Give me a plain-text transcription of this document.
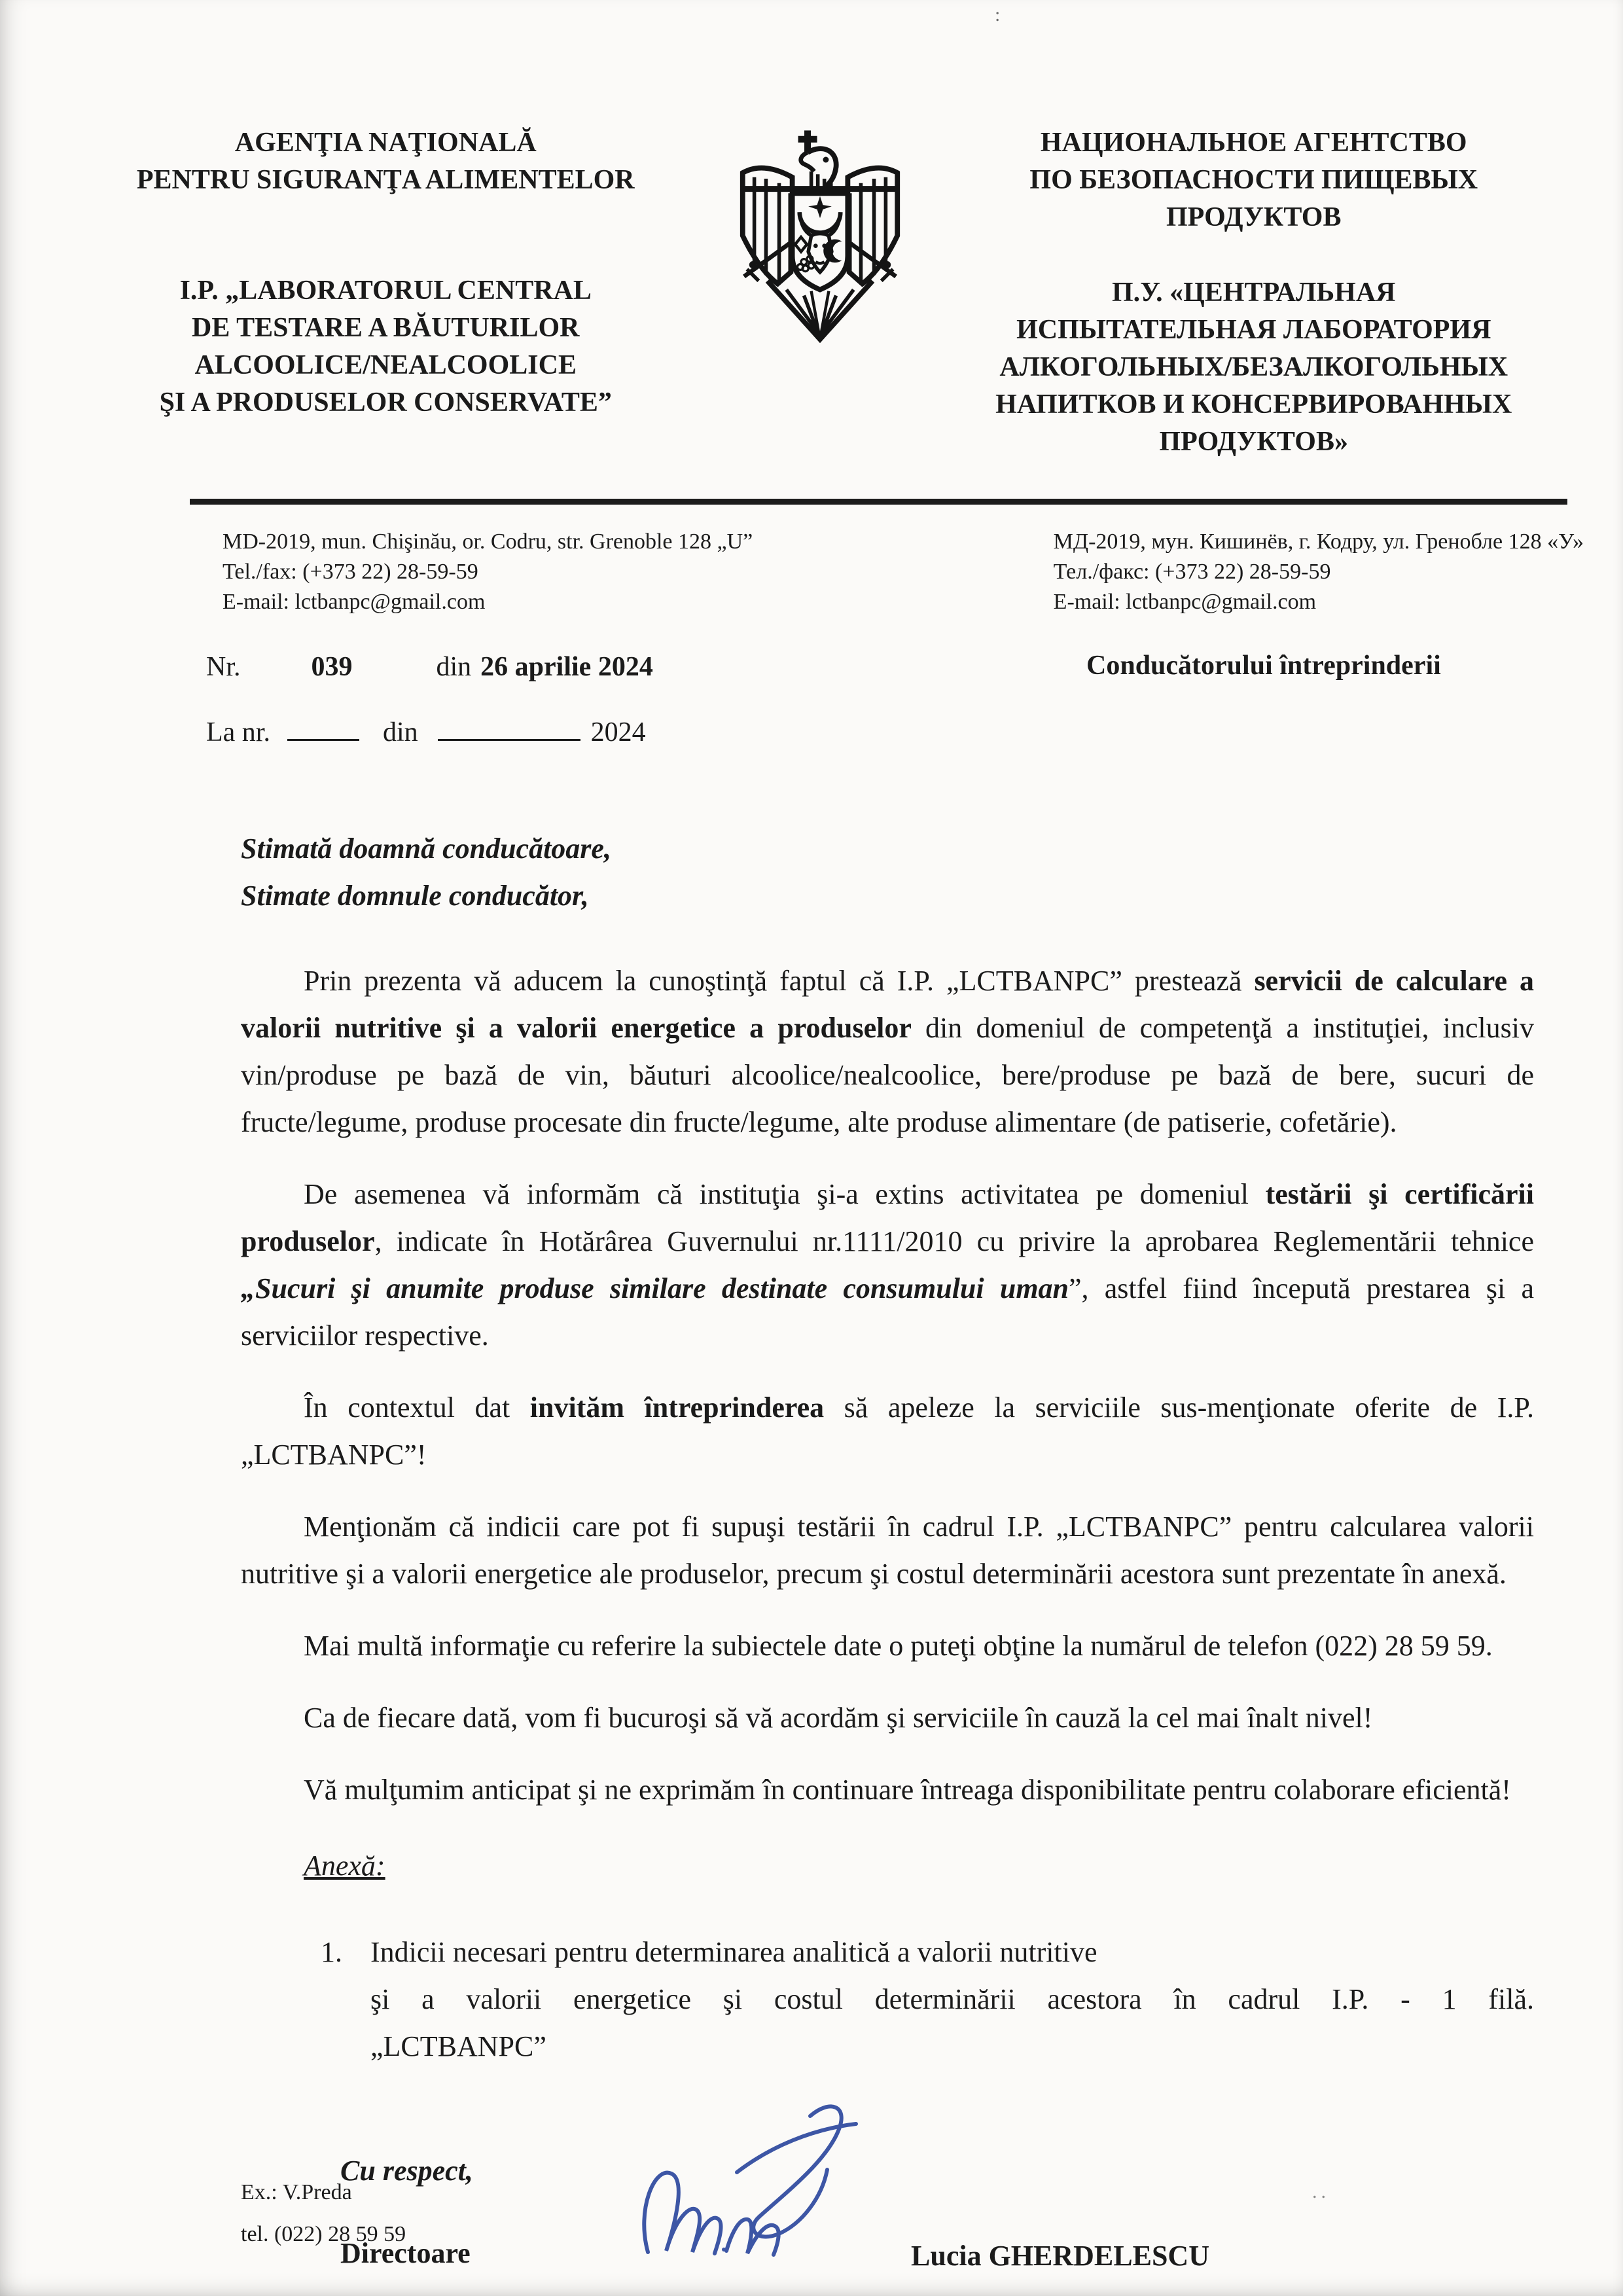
:
AGENŢIA NAŢIONALĂ
PENTRU SIGURANŢA ALIMENTELOR
I.P. „LABORATORUL CENTRAL
DE TESTARE A BĂUTURILOR
ALCOOLICE/NEALCOOLICE
ŞI A PRODUSELOR CONSERVATE”
НАЦИОНАЛЬНОЕ АГЕНТСТВО
ПО БЕЗОПАСНОСТИ ПИЩЕВЫХ
ПРОДУКТОВ
П.У. «ЦЕНТРАЛЬНАЯ
ИСПЫТАТЕЛЬНАЯ ЛАБОРАТОРИЯ
АЛКОГОЛЬНЫХ/БЕЗАЛКОГОЛЬНЫХ
НАПИТКОВ И КОНСЕРВИРОВАННЫХ
ПРОДУКТОВ»
MD-2019, mun. Chişinău, or. Codru, str. Grenoble 128 „U”
Tel./fax: (+373 22) 28-59-59
E-mail: lctbanpc@gmail.com
МД-2019, мун. Кишинёв, г. Кодру, ул. Гренобле 128 «У»
Тел./факс: (+373 22) 28-59-59
E-mail: lctbanpc@gmail.com
Nr.	039	din 26 aprilie 2024	Conducătorului întreprinderii
La nr.	din	2024
Stimată doamnă conducătoare,
Stimate domnule conducător,

Prin prezenta vă aducem la cunoştinţă faptul că I.P. „LCTBANPC” prestează servicii de calculare a valorii nutritive şi a valorii energetice a produselor din domeniul de competenţă a instituţiei, inclusiv vin/produse pe bază de vin, băuturi alcoolice/nealcoolice, bere/produse pe bază de bere, sucuri de fructe/legume, produse procesate din fructe/legume, alte produse alimentare (de patiserie, cofetărie).

De asemenea vă informăm că instituţia şi-a extins activitatea pe domeniul testării şi certificării produselor, indicate în Hotărârea Guvernului nr.1111/2010 cu privire la aprobarea Reglementării tehnice „Sucuri şi anumite produse similare destinate consumului uman”, astfel fiind începută prestarea şi a serviciilor respective.

În contextul dat invităm întreprinderea să apeleze la serviciile sus-menţionate oferite de I.P. „LCTBANPC”!

Menţionăm că indicii care pot fi supuşi testării în cadrul I.P. „LCTBANPC” pentru calcularea valorii nutritive şi a valorii energetice ale produselor, precum şi costul determinării acestora sunt prezentate în anexă.

Mai multă informaţie cu referire la subiectele date o puteţi obţine la numărul de telefon (022) 28 59 59.

Ca de fiecare dată, vom fi bucuroşi să vă acordăm şi serviciile în cauză la cel mai înalt nivel!

Vă mulţumim anticipat şi ne exprimăm în continuare întreaga disponibilitate pentru colaborare eficientă!

Anexă:
1. Indicii necesari pentru determinarea analitică a valorii nutritive
şi a valorii energetice şi costul determinării acestora în cadrul I.P. - 1 filă.
„LCTBANPC”
Cu respect,
Directoare	Lucia GHERDELESCU
Ex.: V.Preda
tel. (022) 28 59 59
..
